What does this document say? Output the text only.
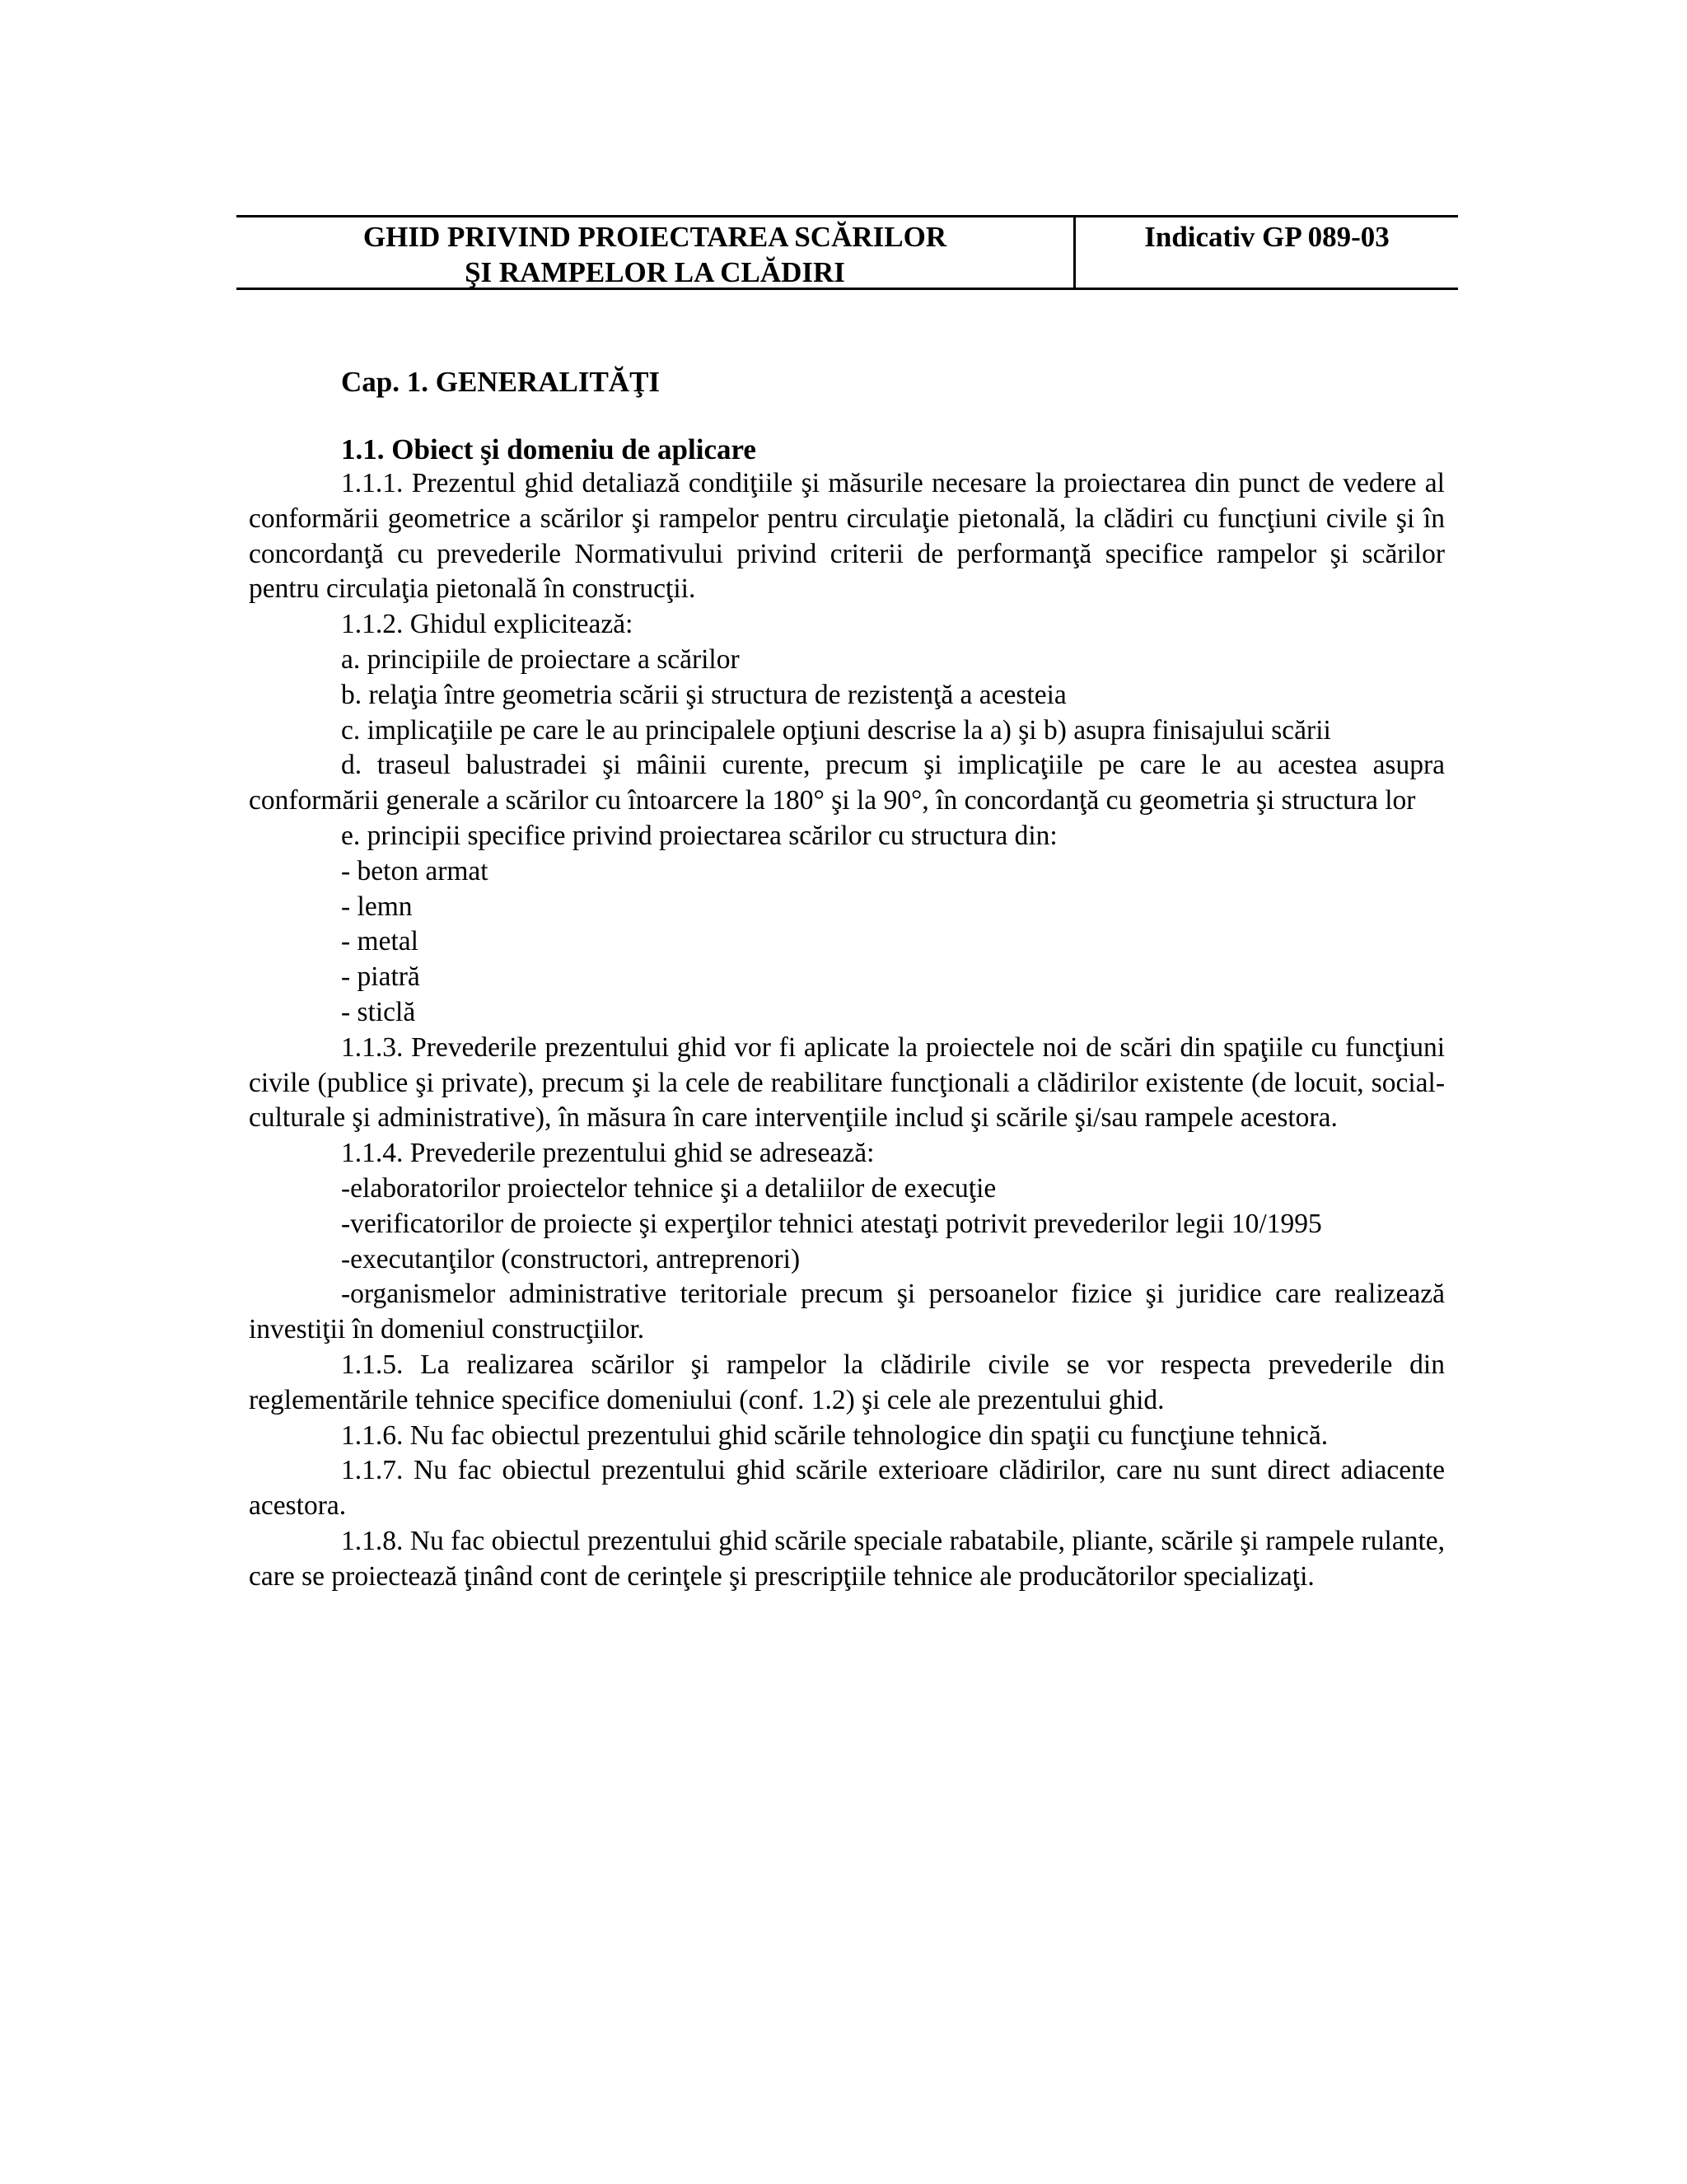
GHID PRIVIND PROIECTAREA SCĂRILOR
ŞI RAMPELOR LA CLĂDIRI
Indicativ GP 089-03
Cap. 1. GENERALITĂŢI
1.1. Obiect şi domeniu de aplicare

1.1.1. Prezentul ghid detaliază condiţiile şi măsurile necesare la proiectarea din punct de vedere al conformării geometrice a scărilor şi rampelor pentru circulaţie pietonală, la clădiri cu funcţiuni civile şi în concordanţă cu prevederile Normativului privind criterii de performanţă specifice rampelor şi scărilor pentru circulaţia pietonală în construcţii.

1.1.2. Ghidul explicitează:

a. principiile de proiectare a scărilor

b. relaţia între geometria scării şi structura de rezistenţă a acesteia

c. implicaţiile pe care le au principalele opţiuni descrise la a) şi b) asupra finisajului scării

d. traseul balustradei şi mâinii curente, precum şi implicaţiile pe care le au acestea asupra conformării generale a scărilor cu întoarcere la 180° şi la 90°, în concordanţă cu geometria şi structura lor

e. principii specifice privind proiectarea scărilor cu structura din:

- beton armat

- lemn

- metal

- piatră

- sticlă

1.1.3. Prevederile prezentului ghid vor fi aplicate la proiectele noi de scări din spaţiile cu funcţiuni civile (publice şi private), precum şi la cele de reabilitare funcţionali a clădirilor existente (de locuit, social-culturale şi administrative), în măsura în care intervenţiile includ şi scările şi/sau rampele acestora.

1.1.4. Prevederile prezentului ghid se adresează:

-elaboratorilor proiectelor tehnice şi a detaliilor de execuţie

-verificatorilor de proiecte şi experţilor tehnici atestaţi potrivit prevederilor legii 10/1995

-executanţilor (constructori, antreprenori)

-organismelor administrative teritoriale precum şi persoanelor fizice şi juridice care realizează investiţii în domeniul construcţiilor.

1.1.5. La realizarea scărilor şi rampelor la clădirile civile se vor respecta prevederile din reglementările tehnice specifice domeniului (conf. 1.2) şi cele ale prezentului ghid.

1.1.6. Nu fac obiectul prezentului ghid scările tehnologice din spaţii cu funcţiune tehnică.

1.1.7. Nu fac obiectul prezentului ghid scările exterioare clădirilor, care nu sunt direct adiacente acestora.

1.1.8. Nu fac obiectul prezentului ghid scările speciale rabatabile, pliante, scările şi rampele rulante, care se proiectează ţinând cont de cerinţele şi prescripţiile tehnice ale producătorilor specializaţi.
